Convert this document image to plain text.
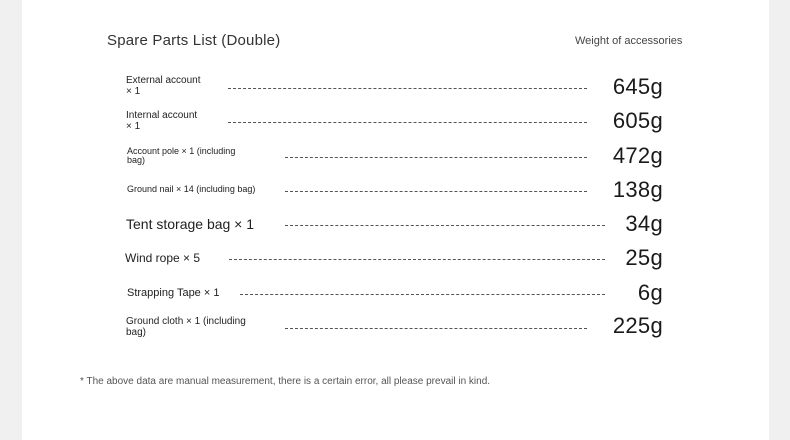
Spare Parts List (Double)	Weight of accessories
External account
× 1	645g
Internal account
× 1	605g
Account pole × 1 (including
bag)	472g
Ground nail × 14 (including bag)	138g
Tent storage bag × 1	34g
Wind rope × 5	25g
Strapping Tape × 1	6g
Ground cloth × 1 (including
bag)	225g
* The above data are manual measurement, there is a certain error, all please prevail in kind.
